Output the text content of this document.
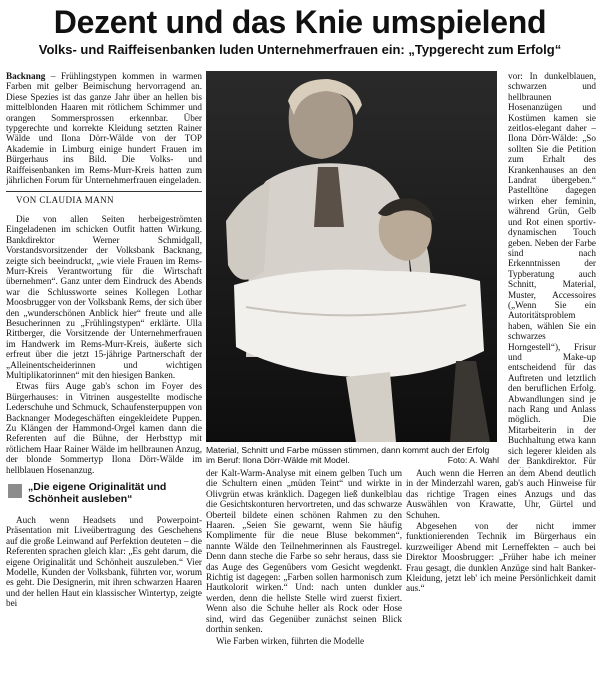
Dezent und das Knie umspielend
Volks- und Raiffeisenbanken luden Unternehmerfrauen ein: „Typgerecht zum Erfolg“

Backnang – Frühlingstypen kommen in warmen Farben mit gelber Beimischung hervorragend an. Diese Spezies ist das ganze Jahr über an hellen bis mittelblonden Haaren mit rötlichem Schimmer und orangen Sommersprossen erkennbar. Über typgerechte und korrekte Kleidung setzten Rainer Wälde und Ilona Dörr-Wälde von der TOP Akademie in Limburg einige hundert Frauen im Bürgerhaus ins Bild. Die Volks- und Raiffeisenbanken im Rems-Murr-Kreis hatten zum jährlichen Forum für Unternehmerfrauen eingeladen.

VON CLAUDIA MANN

Die von allen Seiten herbeigeströmten Eingeladenen im schicken Outfit hatten Wirkung. Bankdirektor Werner Schmidgall, Vorstandsvorsitzender der Volksbank Backnang, zeigte sich beeindruckt, „wie viele Frauen im Rems-Murr-Kreis Verantwortung für die Wirtschaft übernehmen“. Ganz unter dem Eindruck des Abends war die Schlussworte seines Kollegen Lothar Moosbrugger von der Volksbank Rems, der sich über den „wunderschönen Anblick hier“ freute und alle Besucherinnen zu „Frühlingstypen“ erklärte. Ulla Rittberger, die Vorsitzende der Unternehmerfrauen im Handwerk im Rems-Murr-Kreis, äußerte sich erfreut über die jetzt 15-jährige Partnerschaft der „Alleinentscheiderinnen und wichtigen Multiplikatorinnen“ mit den hiesigen Banken.

Etwas fürs Auge gab's schon im Foyer des Bürgerhauses: in Vitrinen ausgestellte modische Lederschuhe und Schmuck, Schaufensterpuppen von Backnanger Modegeschäften eingekleidete Puppen. Zu Klängen der Hammond-Orgel kamen dann die Referenten auf die Bühne, der Herbsttyp mit rötlichem Haar Rainer Wälde im hellbraunen Anzug, der blonde Sommertyp Ilona Dörr-Wälde im hellblauen Hosenanzug.

„Die eigene Originalität und Schönheit ausleben“

Auch wenn Headsets und Powerpoint-Präsentation mit Liveübertragung des Geschehens auf die große Leinwand auf Perfektion deuteten – die Referenten sprachen gleich klar: „Es geht darum, die eigene Originalität und Schönheit auszuleben.“ Vier Modelle, Kunden der Volksbank, führten vor, worum es geht. Die Designerin, mit ihren schwarzen Haaren und der hellen Haut ein klassischer Wintertyp, zeigte bei

Material, Schnitt und Farbe müssen stimmen, dann kommt auch der Erfolg im Beruf: Ilona Dörr-Wälde mit Model.	Foto: A. Wahl

der Kalt-Warm-Analyse mit einem gelben Tuch um die Schultern einen „müden Teint“ und wirkte in Olivgrün etwas kränklich. Dagegen ließ dunkelblau die Gesichtskonturen hervortreten, und das schwarze Oberteil bildete einen schönen Rahmen zu den Haaren. „Seien Sie gewarnt, wenn Sie häufig Komplimente für die neue Bluse bekommen“, nannte Wälde den Teilnehmerinnen als Faustregel. Denn dann steche die Farbe so sehr heraus, dass sie das Auge des Gegenübers vom Gesicht wegdenkt. Richtig ist dagegen: „Farben sollen harmonisch zum Hautkolorit wirken.“ Und: nach unten dunkler werden, denn die hellste Stelle wird zuerst fixiert. Wenn also die Schuhe heller als Rock oder Hose sind, wird das Gegenüber zunächst seinen Blick dorthin senken.

Wie Farben wirken, führten die Modelle

vor: In dunkelblauen, schwarzen und hellbraunen Hosenanzügen und Kostümen kamen sie zeitlos-elegant daher – Ilona Dörr-Wälde: „So sollten Sie die Petition zum Erhalt des Krankenhauses an den Landrat übergeben.“ Pastelltöne dagegen wirken eher feminin, während Grün, Gelb und Rot einen sportiv-dynamischen Touch geben. Neben der Farbe sind nach Erkenntnissen der Typberatung auch Schnitt, Material, Muster, Accessoires („Wenn Sie ein Autoritätsproblem haben, wählen Sie ein schwarzes Horngestell“), Frisur und Make-up entscheidend für das Auftreten und letztlich den beruflichen Erfolg. Abwandlungen sind je nach Rang und Anlass möglich. Die Mitarbeiterin in der Buchhaltung etwa kann sich legerer kleiden als der Bankdirektor. Für

Auch wenn die Herren an dem Abend deutlich in der Minderzahl waren, gab's auch Hinweise für das richtige Tragen eines Anzugs und das Auswählen von Krawatte, Uhr, Gürtel und Schuhen.

Abgesehen von der nicht immer funktionierenden Technik im Bürgerhaus ein kurzweiliger Abend mit Lerneffekten – auch bei Direktor Moosbrugger: „Früher habe ich meiner Frau gesagt, die dunklen Anzüge sind halt Banker-Kleidung, jetzt leb' ich meine Persönlichkeit damit aus.“
